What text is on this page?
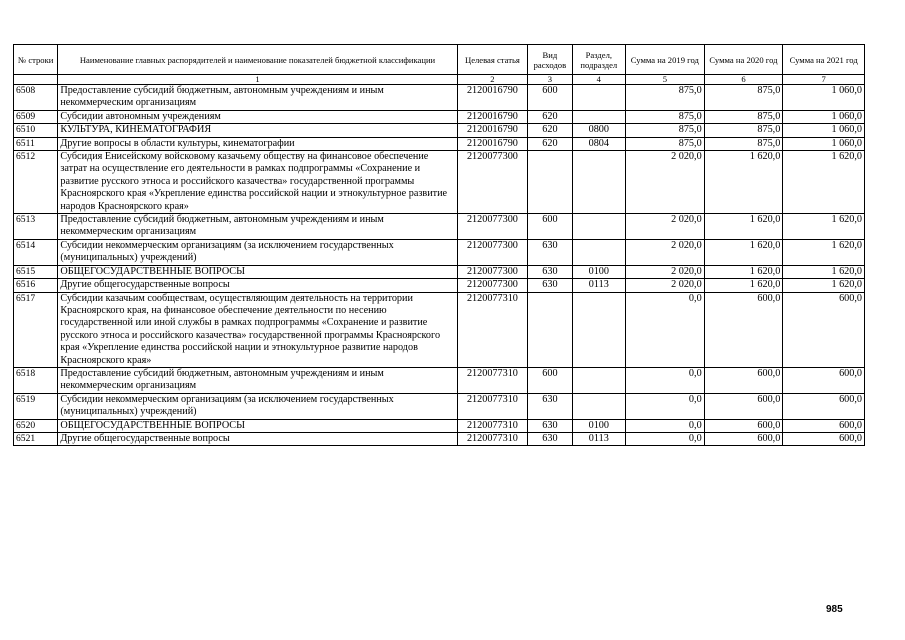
№ строки	Наименование главных распорядителей и наименование показателей бюджетной классификации	Целевая статья	Вид расходов	Раздел, подраздел	Сумма на 2019 год	Сумма на 2020 год	Сумма на 2021 год
	1	2	3	4	5	6	7
6508	Предоставление субсидий бюджетным, автономным учреждениям и иным некоммерческим организациям	2120016790	600		875,0	875,0	1 060,0
6509	Субсидии автономным учреждениям	2120016790	620		875,0	875,0	1 060,0
6510	КУЛЬТУРА, КИНЕМАТОГРАФИЯ	2120016790	620	0800	875,0	875,0	1 060,0
6511	Другие вопросы в области культуры, кинематографии	2120016790	620	0804	875,0	875,0	1 060,0
6512	Субсидия Енисейскому войсковому казачьему обществу на финансовое обеспечение затрат на осуществление его деятельности в рамках подпрограммы «Сохранение и развитие русского этноса и российского казачества» государственной программы Красноярского края «Укрепление единства российской нации и этнокультурное развитие народов Красноярского края»	2120077300			2 020,0	1 620,0	1 620,0
6513	Предоставление субсидий бюджетным, автономным учреждениям и иным некоммерческим организациям	2120077300	600		2 020,0	1 620,0	1 620,0
6514	Субсидии некоммерческим организациям (за исключением государственных (муниципальных) учреждений)	2120077300	630		2 020,0	1 620,0	1 620,0
6515	ОБЩЕГОСУДАРСТВЕННЫЕ ВОПРОСЫ	2120077300	630	0100	2 020,0	1 620,0	1 620,0
6516	Другие общегосударственные вопросы	2120077300	630	0113	2 020,0	1 620,0	1 620,0
6517	Субсидии казачьим сообществам, осуществляющим деятельность на территории Красноярского края, на финансовое обеспечение деятельности по несению государственной или иной службы в рамках подпрограммы «Сохранение и развитие русского этноса и российского казачества» государственной программы Красноярского края «Укрепление единства российской нации и этнокультурное развитие народов Красноярского края»	2120077310			0,0	600,0	600,0
6518	Предоставление субсидий бюджетным, автономным учреждениям и иным некоммерческим организациям	2120077310	600		0,0	600,0	600,0
6519	Субсидии некоммерческим организациям (за исключением государственных (муниципальных) учреждений)	2120077310	630		0,0	600,0	600,0
6520	ОБЩЕГОСУДАРСТВЕННЫЕ ВОПРОСЫ	2120077310	630	0100	0,0	600,0	600,0
6521	Другие общегосударственные вопросы	2120077310	630	0113	0,0	600,0	600,0
985
